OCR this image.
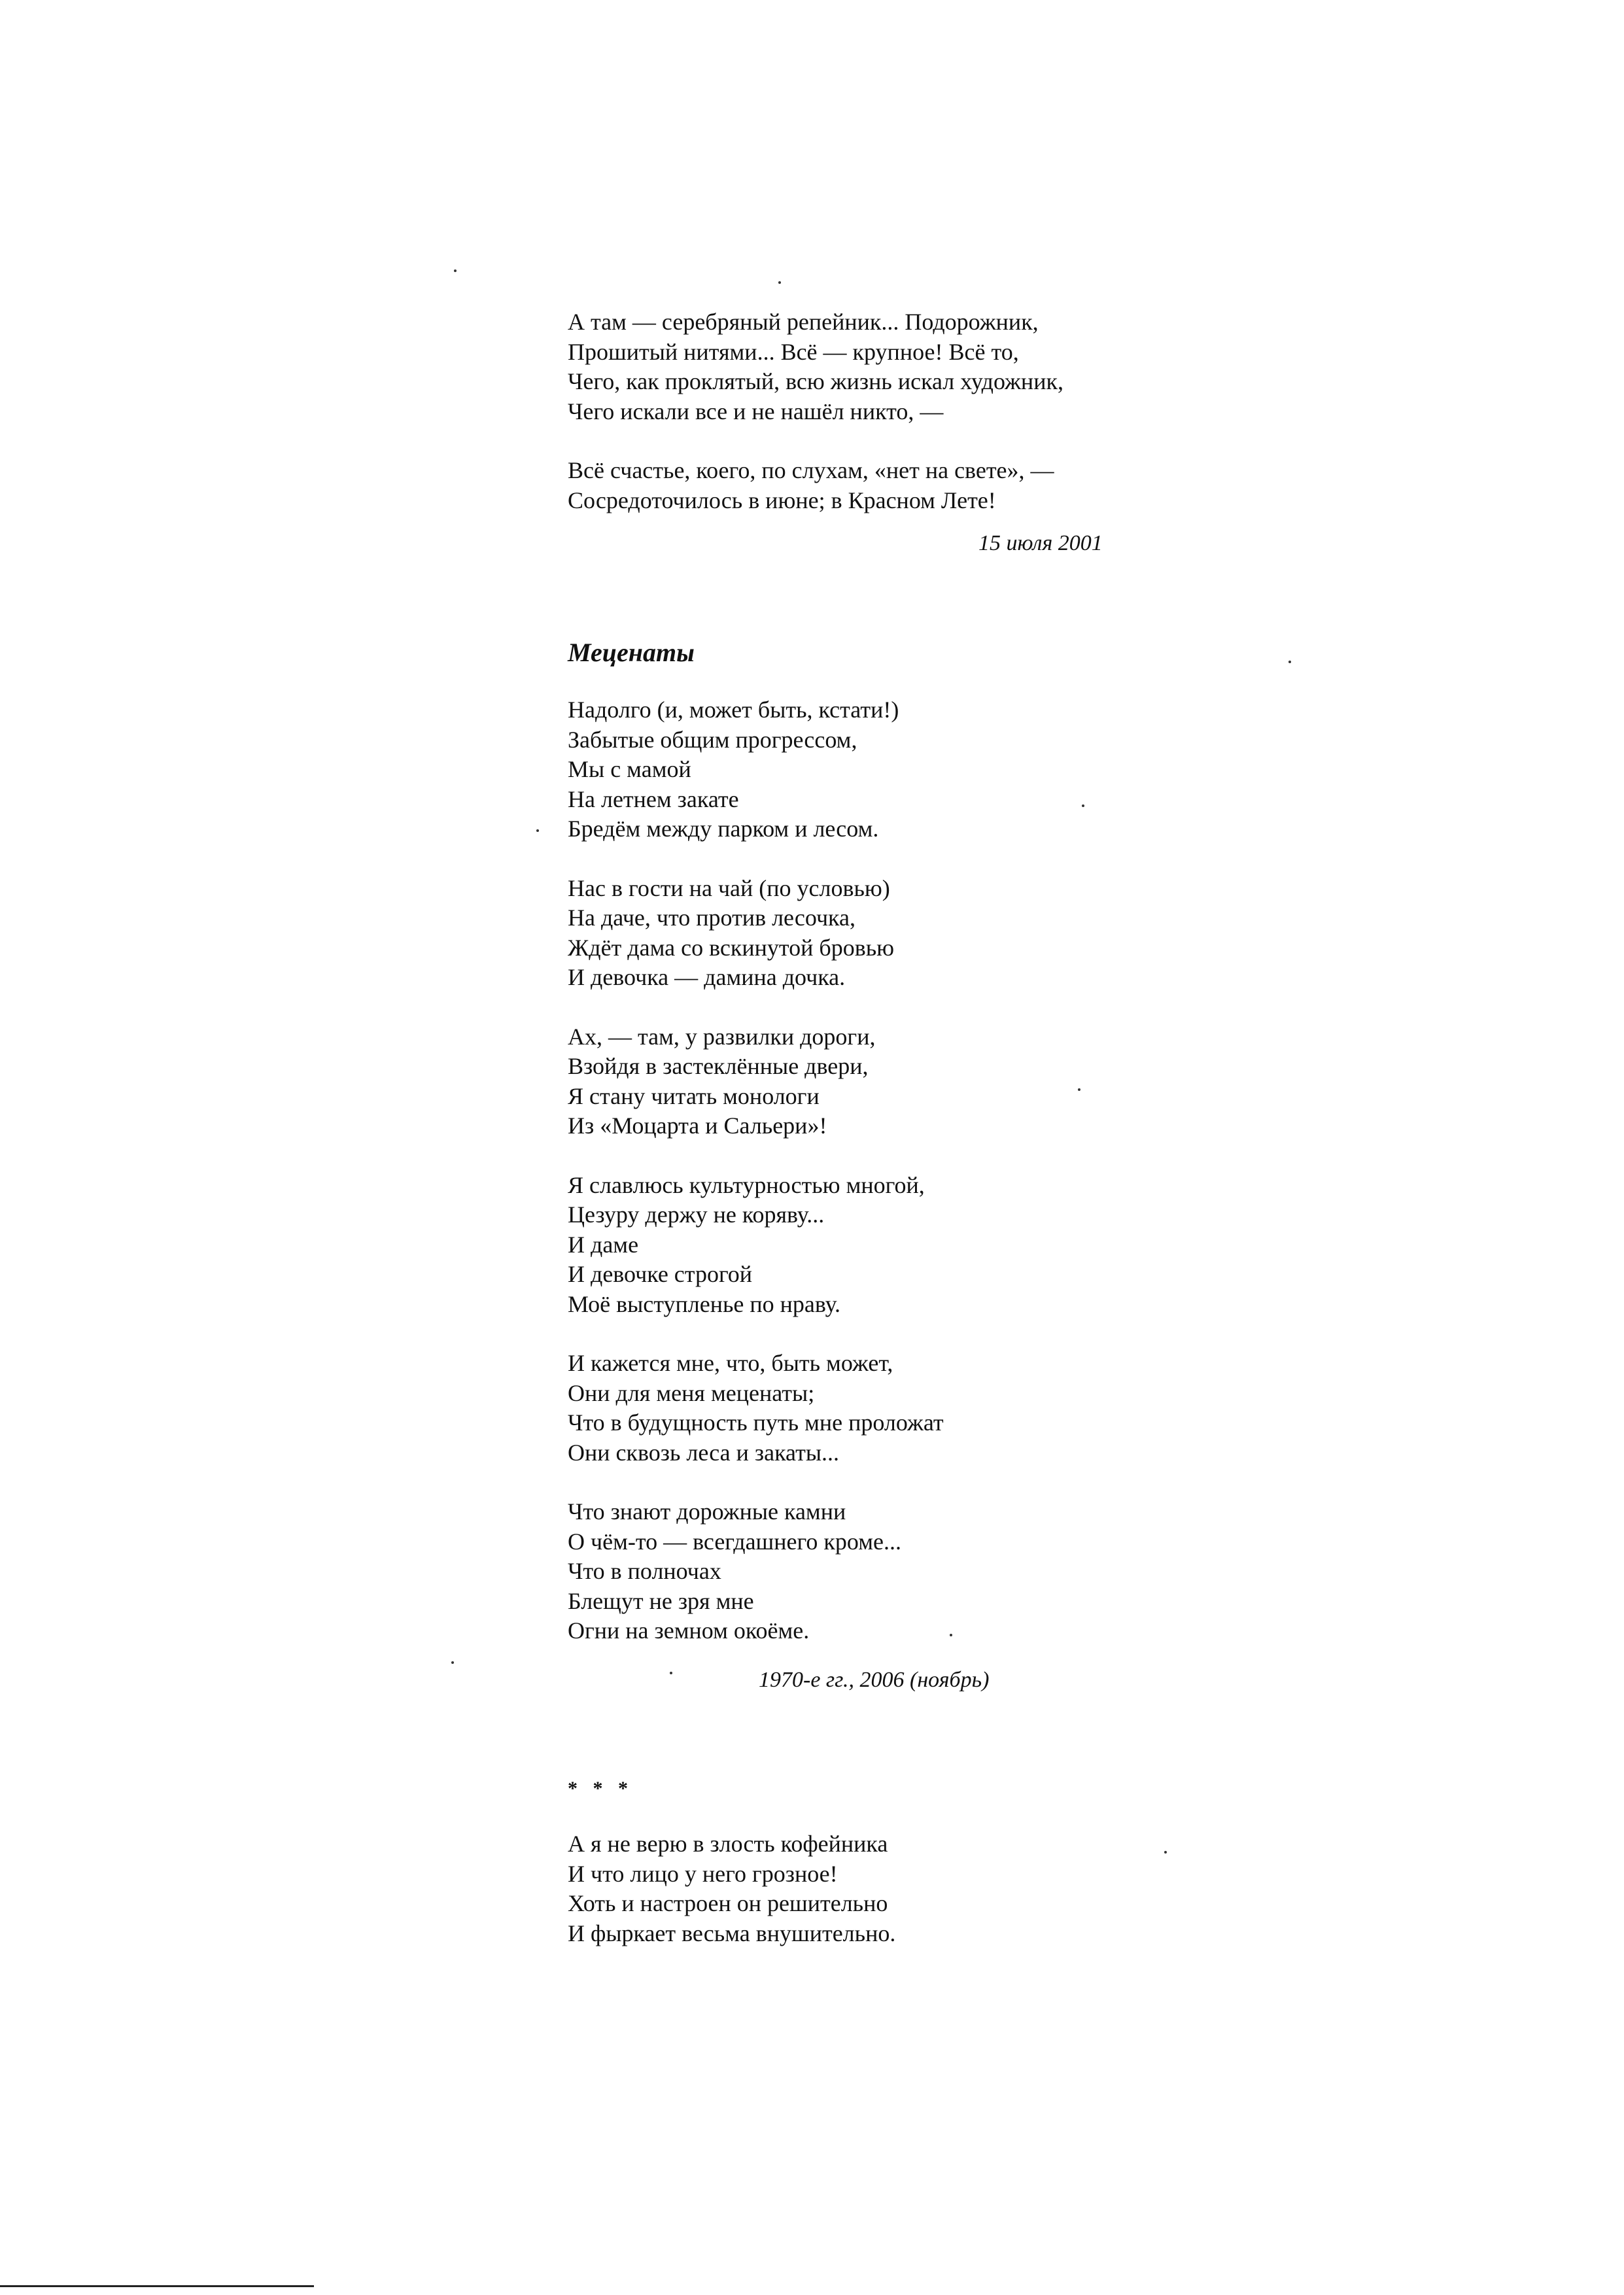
А там — серебряный репейник... Подорожник,
Прошитый нитями... Всё — крупное! Всё то,
Чего, как проклятый, всю жизнь искал художник,
Чего искали все и не нашёл никто, —
Всё счастье, коего, по слухам, «нет на свете», —
Сосредоточилось в июне; в Красном Лете!
15 июля 2001
Меценаты
Надолго (и, может быть, кстати!)
Забытые общим прогрессом,
Мы с мамой
На летнем закате
Бредём между парком и лесом.
Нас в гости на чай (по условью)
На даче, что против лесочка,
Ждёт дама со вскинутой бровью
И девочка — дамина дочка.
Ах, — там, у развилки дороги,
Взойдя в застеклённые двери,
Я стану читать монологи
Из «Моцарта и Сальери»!
Я славлюсь культурностью многой,
Цезуру держу не коряву...
И даме
И девочке строгой
Моё выступленье по нраву.
И кажется мне, что, быть может,
Они для меня меценаты;
Что в будущность путь мне проложат
Они сквозь леса и закаты...
Что знают дорожные камни
О чём-то — всегдашнего кроме...
Что в полночах
Блещут не зря мне
Огни на земном окоёме.
1970-е гг., 2006 (ноябрь)
* * *
А я не верю в злость кофейника
И что лицо у него грозное!
Хоть и настроен он решительно
И фыркает весьма внушительно.
